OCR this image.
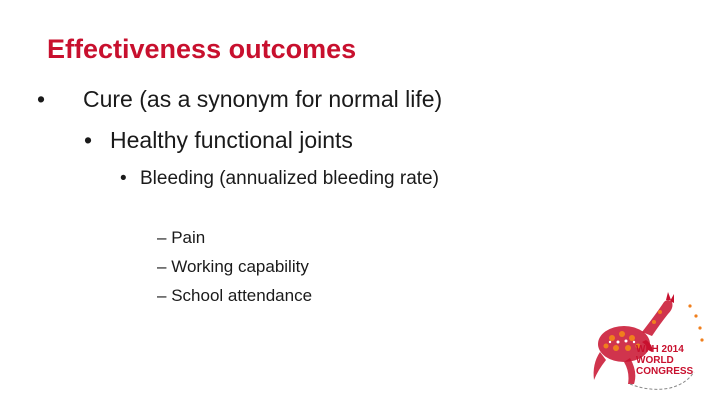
Effectiveness outcomes
• Cure (as a synonym for normal life)
• Healthy functional joints
• Bleeding (annualized bleeding rate)
– Pain
– Working capability
– School attendance
WFH 2014
WORLD
CONGRESS
